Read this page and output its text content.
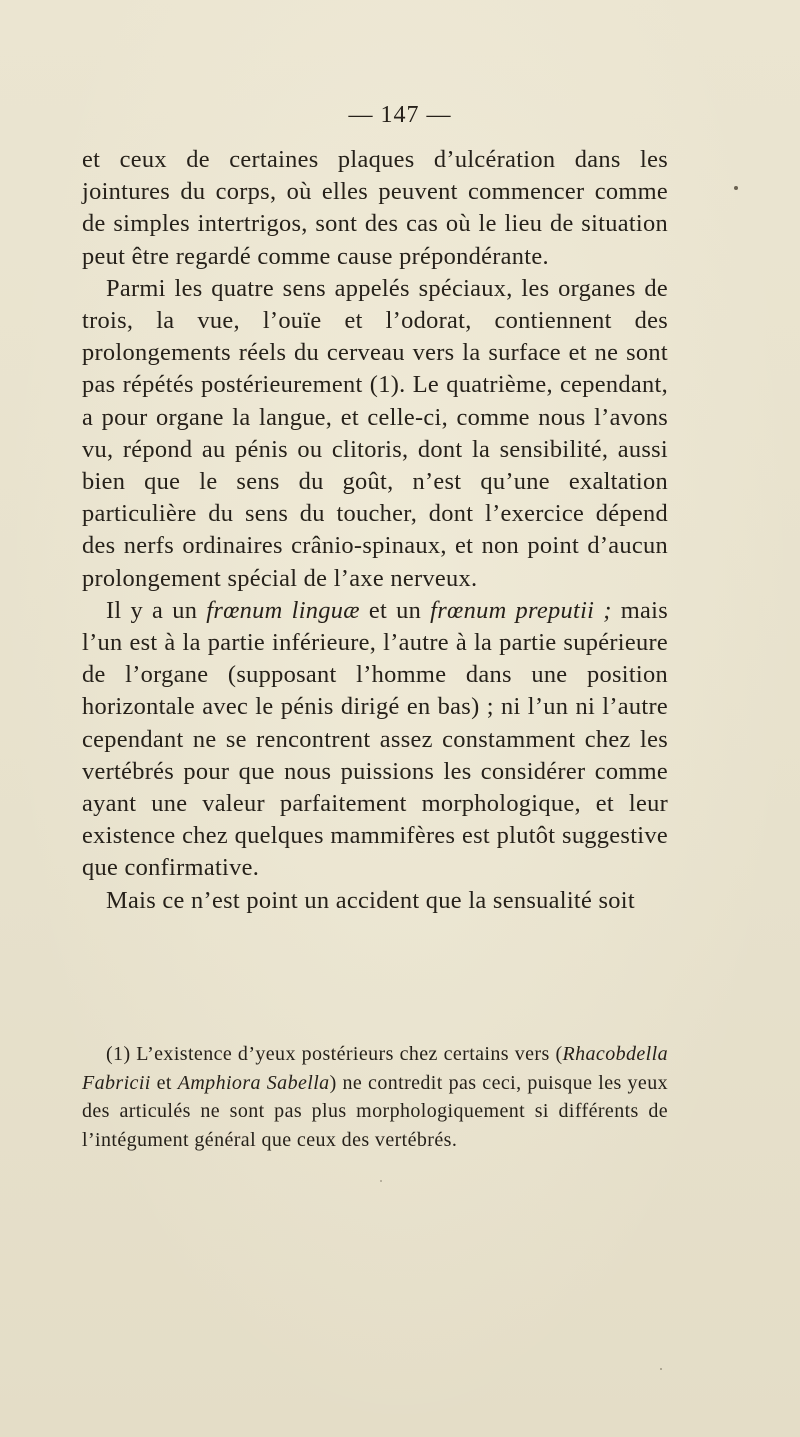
— 147 —

et ceux de certaines plaques d’ulcération dans les jointures du corps, où elles peuvent commencer comme de simples intertrigos, sont des cas où le lieu de situation peut être regardé comme cause prépondérante.

Parmi les quatre sens appelés spéciaux, les organes de trois, la vue, l’ouïe et l’odorat, contiennent des prolongements réels du cerveau vers la surface et ne sont pas répétés postérieurement (1). Le quatrième, cependant, a pour organe la langue, et celle-ci, comme nous l’avons vu, répond au pénis ou clitoris, dont la sensibilité, aussi bien que le sens du goût, n’est qu’une exaltation particulière du sens du toucher, dont l’exercice dépend des nerfs ordinaires crânio-spinaux, et non point d’aucun prolongement spécial de l’axe nerveux.

Il y a un frœnum linguæ et un frœnum preputii ; mais l’un est à la partie inférieure, l’autre à la partie supérieure de l’organe (supposant l’homme dans une position horizontale avec le pénis dirigé en bas) ; ni l’un ni l’autre cependant ne se rencontrent assez constamment chez les vertébrés pour que nous puissions les considérer comme ayant une valeur parfaitement morphologique, et leur existence chez quelques mammifères est plutôt suggestive que confirmative.

Mais ce n’est point un accident que la sensualité soit

(1) L’existence d’yeux postérieurs chez certains vers (Rhacobdella Fabricii et Amphiora Sabella) ne contredit pas ceci, puisque les yeux des articulés ne sont pas plus morphologiquement si différents de l’intégument général que ceux des vertébrés.
